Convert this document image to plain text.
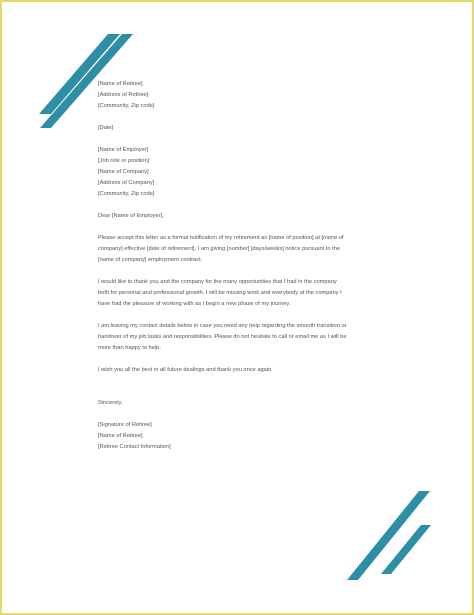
[Name of Retiree]
[Address of Retiree]
[Community, Zip code]
[Date]
[Name of Employer]
[Job role or position]
[Name of Company]
[Address of Company]
[Community, Zip code]
Dear [Name of Employer],
Please accept this letter as a formal notification of my retirement as [name of position] at [name of
company] effective [date of retirement]. I am giving [number] [days/weeks] notice pursuant to the
[name of company] employment contract.
I would like to thank you and the company for the many opportunities that I had in the company
both for personal and professional growth. I will be missing work and everybody at the company I
have had the pleasure of working with as I begin a new phase of my journey.
I am leaving my contact details below in case you need any help regarding the smooth transition or
handover of my job tasks and responsibilities. Please do not hesitate to call or email me as I will be
more than happy to help.
I wish you all the best in all future dealings and thank you once again.
Sincerely,
[Signature of Retiree]
[Name of Retiree]
[Retiree Contact Information]
